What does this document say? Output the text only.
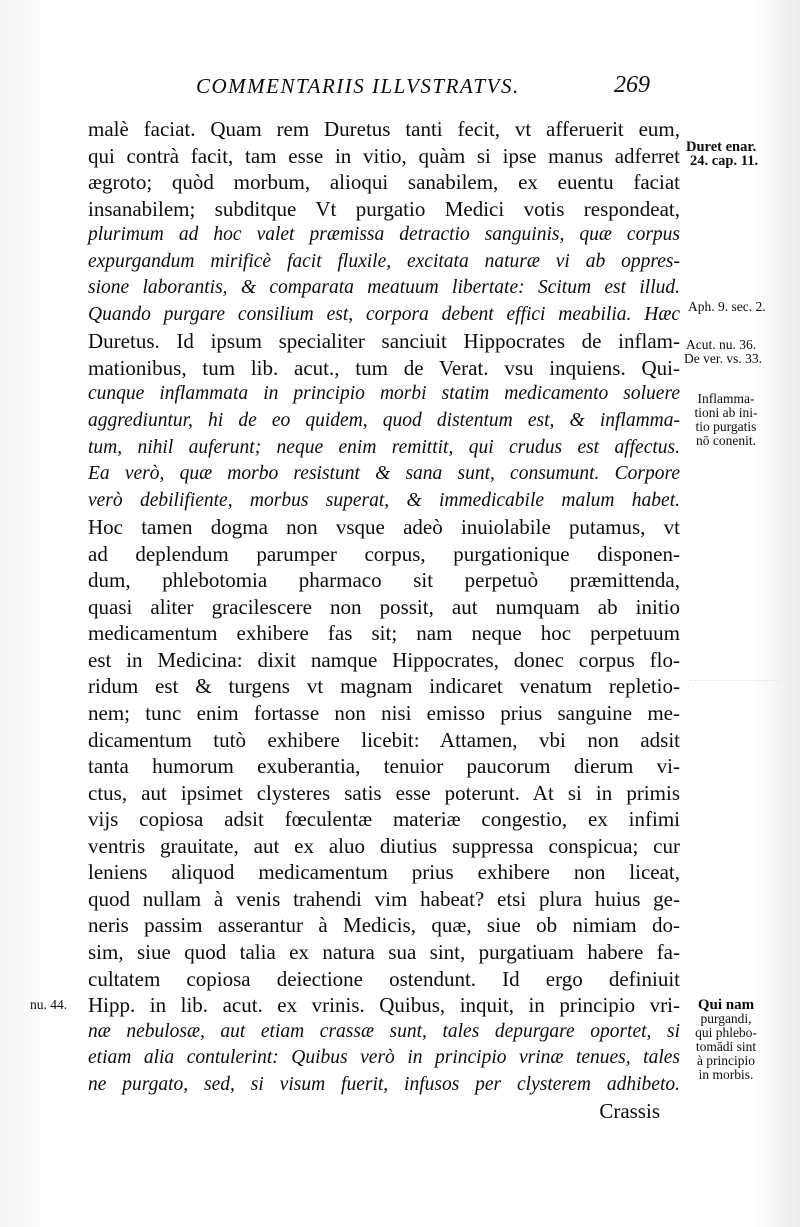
COMMENTARIIS ILLVSTRATVS.	269
malè faciat. Quam rem Duretus tanti fecit, vt afferuerit eum,
qui contrà facit, tam esse in vitio, quàm si ipse manus adferret
ægroto; quòd morbum, alioqui sanabilem, ex euentu faciat
insanabilem; subditque Vt purgatio Medici votis respondeat,
plurimum ad hoc valet præmissa detractio sanguinis, quæ corpus
expurgandum mirificè facit fluxile, excitata naturæ vi ab oppres-
sione laborantis, & comparata meatuum libertate: Scitum est illud.
Quando purgare consilium est, corpora debent effici meabilia. Hæc
Duretus. Id ipsum specialiter sanciuit Hippocrates de inflam-
mationibus, tum lib. acut., tum de Verat. vsu inquiens. Qui-
cunque inflammata in principio morbi statim medicamento soluere
aggrediuntur, hi de eo quidem, quod distentum est, & inflamma-
tum, nihil auferunt; neque enim remittit, qui crudus est affectus.
Ea verò, quæ morbo resistunt & sana sunt, consumunt. Corpore
verò debilifiente, morbus superat, & immedicabile malum habet.
Hoc tamen dogma non vsque adeò inuiolabile putamus, vt
ad deplendum parumper corpus, purgationique disponen-
dum, phlebotomia pharmaco sit perpetuò præmittenda,
quasi aliter gracilescere non possit, aut numquam ab initio
medicamentum exhibere fas sit; nam neque hoc perpetuum
est in Medicina: dixit namque Hippocrates, donec corpus flo-
ridum est & turgens vt magnam indicaret venatum repletio-
nem; tunc enim fortasse non nisi emisso prius sanguine me-
dicamentum tutò exhibere licebit: Attamen, vbi non adsit
tanta humorum exuberantia, tenuior paucorum dierum vi-
ctus, aut ipsimet clysteres satis esse poterunt. At si in primis
vijs copiosa adsit fœculentæ materiæ congestio, ex infimi
ventris grauitate, aut ex aluo diutius suppressa conspicua; cur
leniens aliquod medicamentum prius exhibere non liceat,
quod nullam à venis trahendi vim habeat? etsi plura huius ge-
neris passim asserantur à Medicis, quæ, siue ob nimiam do-
sim, siue quod talia ex natura sua sint, purgatiuam habere fa-
cultatem copiosa deiectione ostendunt. Id ergo definiuit
Hipp. in lib. acut. ex vrinis. Quibus, inquit, in principio vri-
næ nebulosæ, aut etiam crassæ sunt, tales depurgare oportet, si
etiam alia contulerint: Quibus verò in principio vrinæ tenues, tales
ne purgato, sed, si visum fuerit, infusos per clysterem adhibeto.
Crassis
Duret enar.
24. cap. 11.
Aph. 9. sec. 2.
Acut. nu. 36.
De ver. vs. 33.
Inflamma-
tioni ab ini-
tio purgatis
nō conenit.
nu. 44.	Qui nam
purgandi,
qui phlebo-
tomādi sint
à principio
in morbis.
